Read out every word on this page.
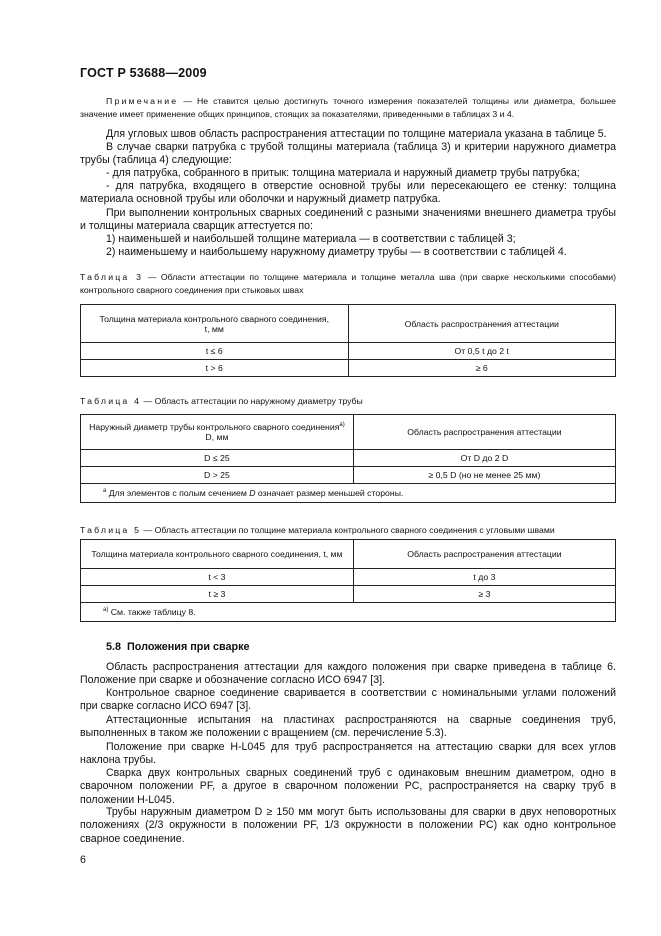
ГОСТ Р 53688—2009

Примечание — Не ставится целью достигнуть точного измерения показателей толщины или диаметра, большее значение имеет применение общих принципов, стоящих за показателями, приведенными в таблицах 3 и 4.

Для угловых швов область распространения аттестации по толщине материала указана в таблице 5.

В случае сварки патрубка с трубой толщины материала (таблица 3) и критерии наружного диаметра трубы (таблица 4) следующие:

- для патрубка, собранного в притык: толщина материала и наружный диаметр трубы патрубка;

- для патрубка, входящего в отверстие основной трубы или пересекающего ее стенку: толщина материала основной трубы или оболочки и наружный диаметр патрубка.

При выполнении контрольных сварных соединений с разными значениями внешнего диаметра трубы и толщины материала сварщик аттестуется по:

1) наименьшей и наибольшей толщине материала — в соответствии с таблицей 3;

2) наименьшему и наибольшему наружному диаметру трубы — в соответствии с таблицей 4.

Таблица 3 — Области аттестации по толщине материала и толщине металла шва (при сварке несколькими способами) контрольного сварного соединения при стыковых швах

Толщина материала контрольного сварного соединения,
t, мм	Область распространения аттестации
t ≤ 6	От 0,5 t до 2 t
t > 6	≥ 6

Таблица 4 — Область аттестации по наружному диаметру трубы

Наружный диаметр трубы контрольного сварного соединения$^{a)}$
D, мм	Область распространения аттестации
D ≤ 25	От D до 2 D
D > 25	≥ 0,5 D (но не менее 25 мм)
$^a$ Для элементов с полым сечением D означает размер меньшей стороны.	

Таблица 5 — Область аттестации по толщине материала контрольного сварного соединения с угловыми швами

Толщина материала контрольного сварного соединения, t, мм	Область распространения аттестации
t < 3	t до 3
t ≥ 3	≥ 3
$^{a)}$ См. также таблицу 8.	
5.8 Положения при сварке

Область распространения аттестации для каждого положения при сварке приведена в таблице 6. Положение при сварке и обозначение согласно ИСО 6947 [3].

Контрольное сварное соединение сваривается в соответствии с номинальными углами положений при сварке согласно ИСО 6947 [3].

Аттестационные испытания на пластинах распространяются на сварные соединения труб, выполненных в таком же положении с вращением (см. перечисление 5.3).

Положение при сварке H-L045 для труб распространяется на аттестацию сварки для всех углов наклона трубы.

Сварка двух контрольных сварных соединений труб с одинаковым внешним диаметром, одно в сварочном положении PF, а другое в сварочном положении PC, распространяется на сварку труб в положении H-L045.

Трубы наружным диаметром D ≥ 150 мм могут быть использованы для сварки в двух неповоротных положениях (2/3 окружности в положении PF, 1/3 окружности в положении PC) как одно контрольное сварное соединение.

6
